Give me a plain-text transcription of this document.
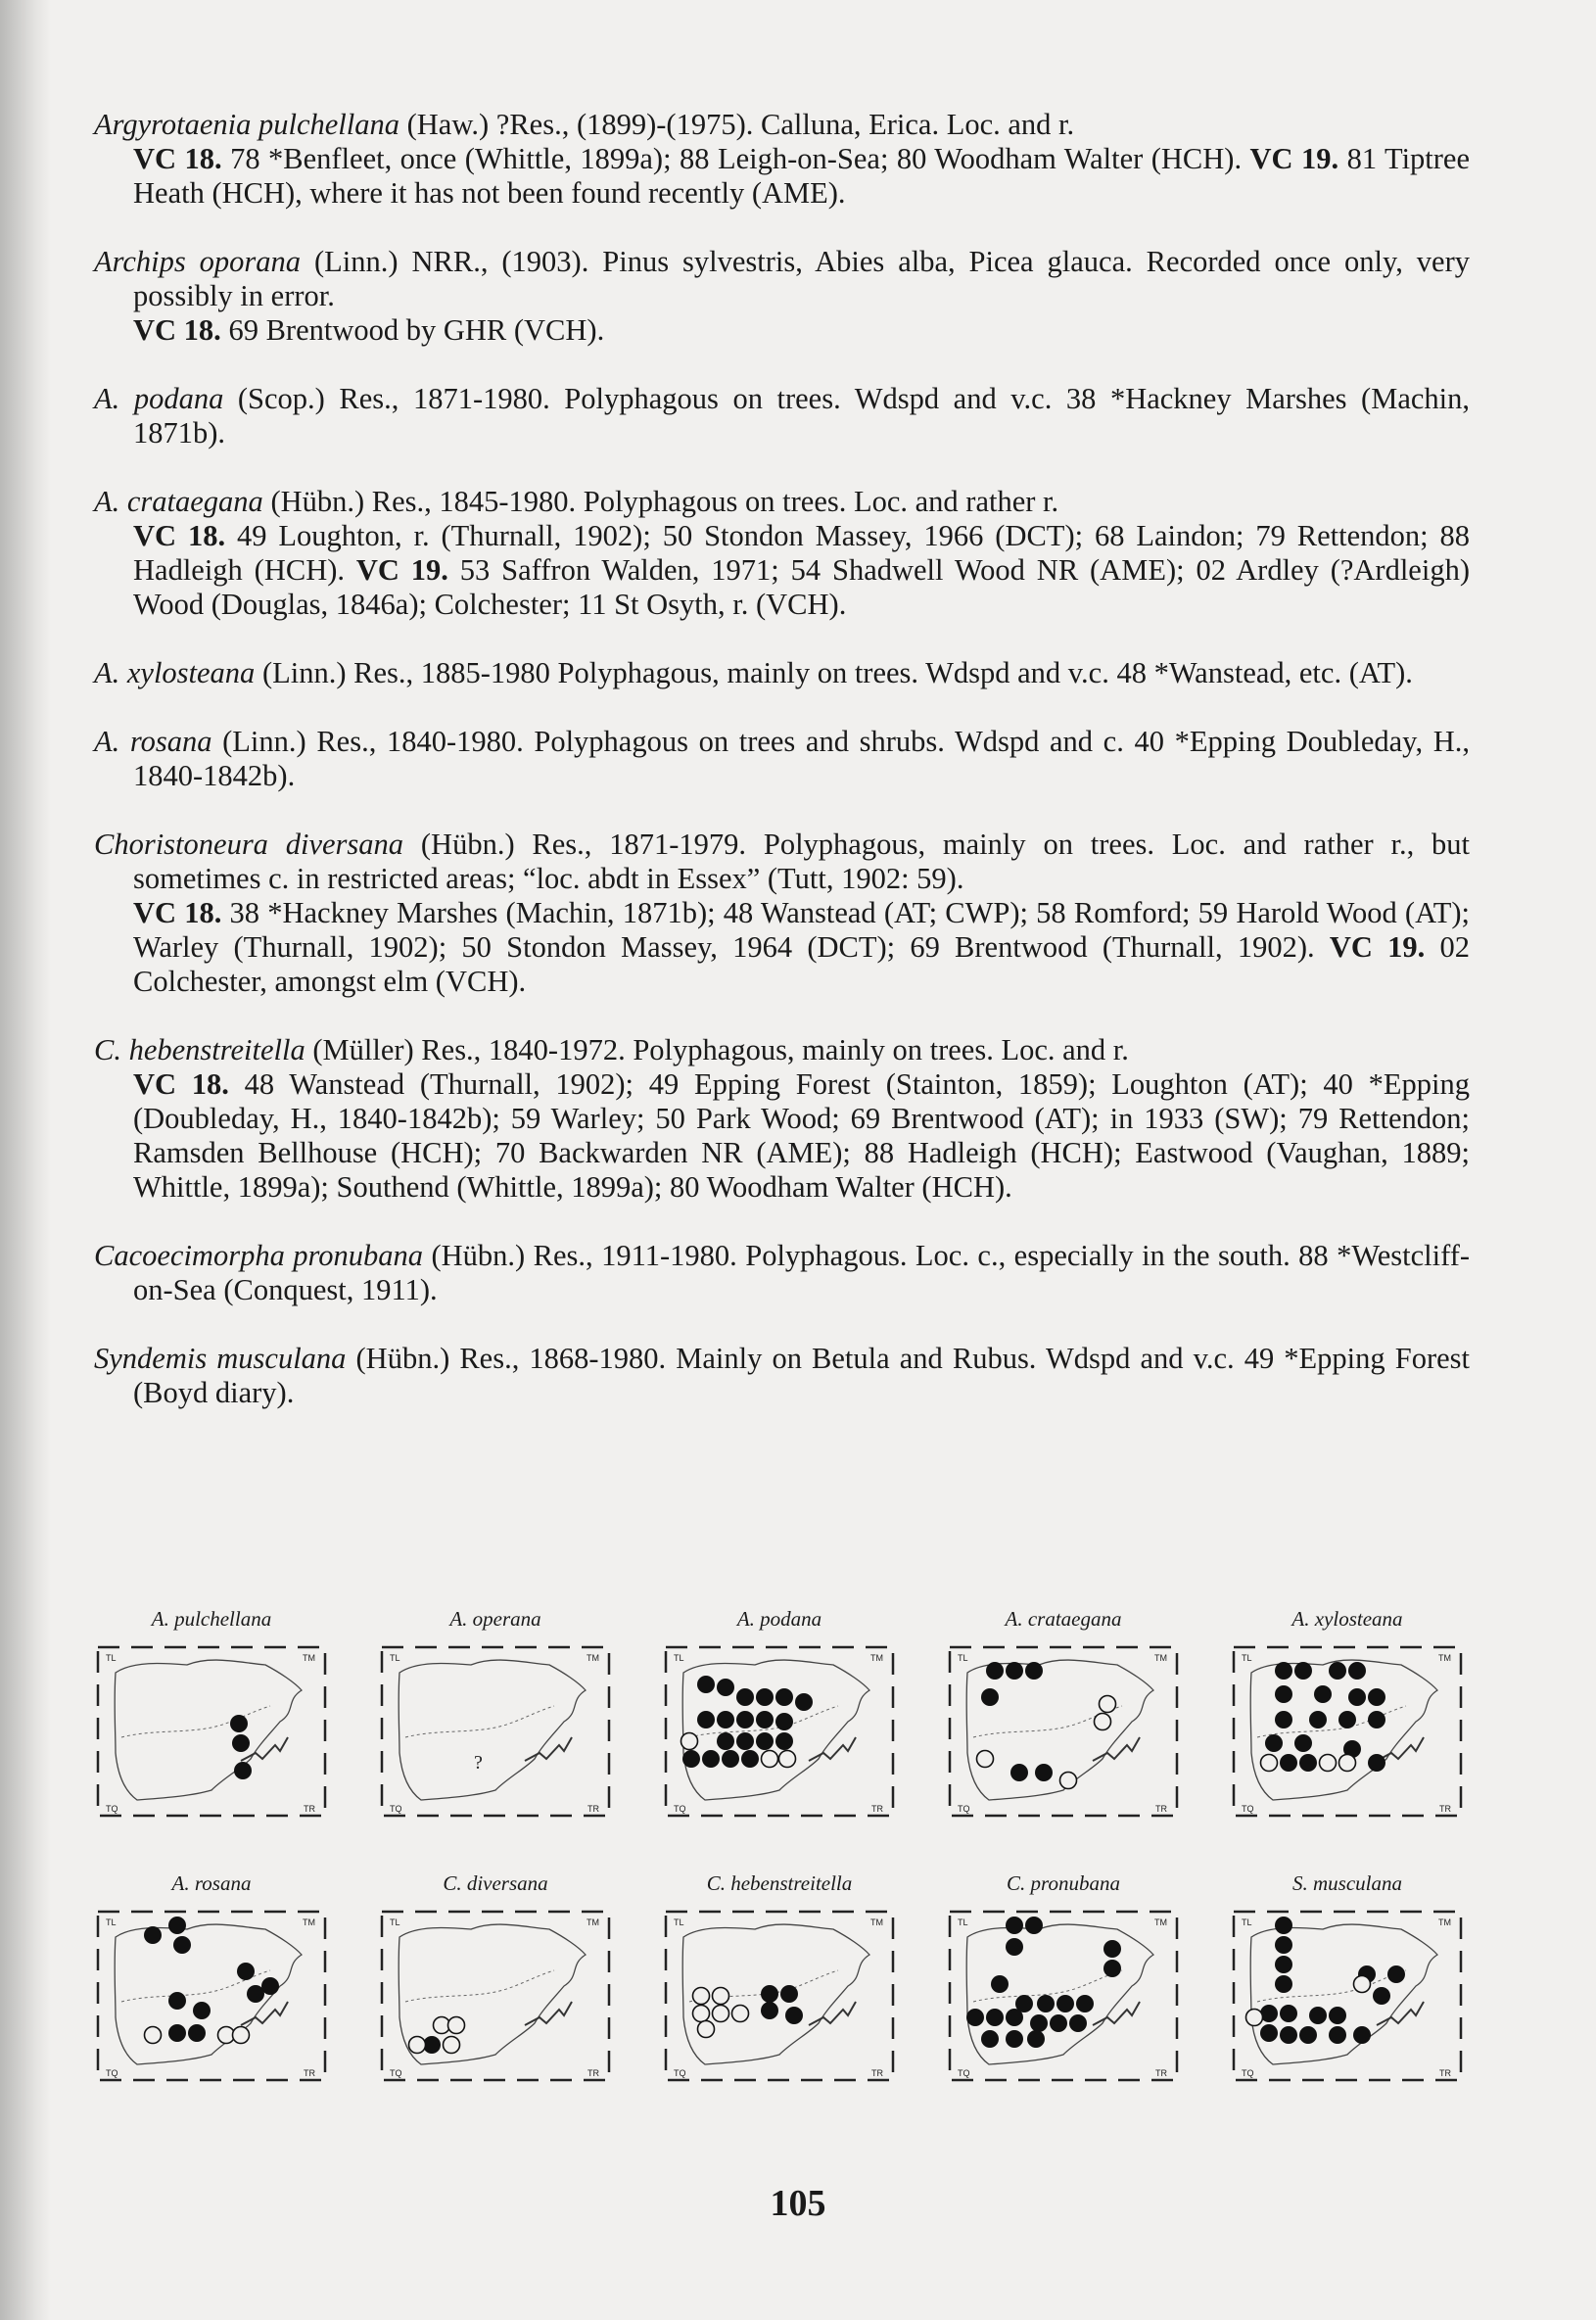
Argyrotaenia pulchellana (Haw.) ?Res., (1899)-(1975). Calluna, Erica. Loc. and r.

VC 18. 78 *Benfleet, once (Whittle, 1899a); 88 Leigh-on-Sea; 80 Woodham Walter (HCH). VC 19. 81 Tiptree Heath (HCH), where it has not been found recently (AME).

Archips oporana (Linn.) NRR., (1903). Pinus sylvestris, Abies alba, Picea glauca. Recorded once only, very possibly in error.

VC 18. 69 Brentwood by GHR (VCH).

A. podana (Scop.) Res., 1871-1980. Polyphagous on trees. Wdspd and v.c. 38 *Hackney Marshes (Machin, 1871b).

A. crataegana (Hübn.) Res., 1845-1980. Polyphagous on trees. Loc. and rather r.

VC 18. 49 Loughton, r. (Thurnall, 1902); 50 Stondon Massey, 1966 (DCT); 68 Laindon; 79 Rettendon; 88 Hadleigh (HCH). VC 19. 53 Saffron Walden, 1971; 54 Shadwell Wood NR (AME); 02 Ardley (?Ardleigh) Wood (Douglas, 1846a); Colchester; 11 St Osyth, r. (VCH).

A. xylosteana (Linn.) Res., 1885-1980 Polyphagous, mainly on trees. Wdspd and v.c. 48 *Wanstead, etc. (AT).

A. rosana (Linn.) Res., 1840-1980. Polyphagous on trees and shrubs. Wdspd and c. 40 *Epping Doubleday, H., 1840-1842b).

Choristoneura diversana (Hübn.) Res., 1871-1979. Polyphagous, mainly on trees. Loc. and rather r., but sometimes c. in restricted areas; “loc. abdt in Essex” (Tutt, 1902: 59).

VC 18. 38 *Hackney Marshes (Machin, 1871b); 48 Wanstead (AT; CWP); 58 Romford; 59 Harold Wood (AT); Warley (Thurnall, 1902); 50 Stondon Massey, 1964 (DCT); 69 Brentwood (Thurnall, 1902). VC 19. 02 Colchester, amongst elm (VCH).

C. hebenstreitella (Müller) Res., 1840-1972. Polyphagous, mainly on trees. Loc. and r.

VC 18. 48 Wanstead (Thurnall, 1902); 49 Epping Forest (Stainton, 1859); Loughton (AT); 40 *Epping (Doubleday, H., 1840-1842b); 59 Warley; 50 Park Wood; 69 Brentwood (AT); in 1933 (SW); 79 Rettendon; Ramsden Bellhouse (HCH); 70 Backwarden NR (AME); 88 Hadleigh (HCH); Eastwood (Vaughan, 1889; Whittle, 1899a); Southend (Whittle, 1899a); 80 Woodham Walter (HCH).

Cacoecimorpha pronubana (Hübn.) Res., 1911-1980. Polyphagous. Loc. c., especially in the south. 88 *Westcliff-on-Sea (Conquest, 1911).

Syndemis musculana (Hübn.) Res., 1868-1980. Mainly on Betula and Rubus. Wdspd and v.c. 49 *Epping Forest (Boyd diary).

A. pulchellana
TL	TM
TQ	TR
A. operana
TL	TM
TQ	TR
?
A. podana
TL	TM
TQ	TR
A. crataegana
TL	TM
TQ	TR
A. xylosteana
TL	TM
TQ	TR
A. rosana
TL	TM
TQ	TR
C. diversana
TL	TM
TQ	TR
C. hebenstreitella
TL	TM
TQ	TR
C. pronubana
TL	TM
TQ	TR
S. musculana
TL	TM
TQ	TR
105
